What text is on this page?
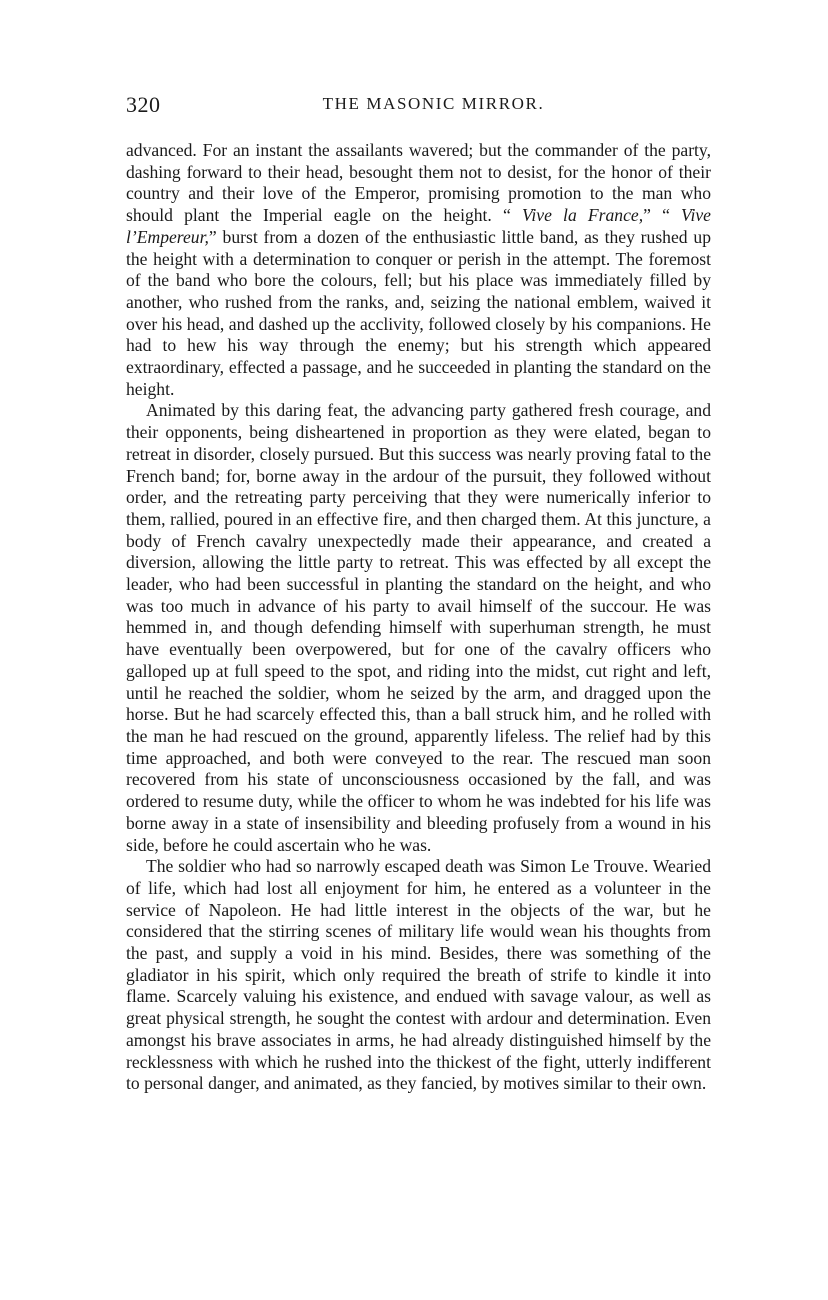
320	THE MASONIC MIRROR.

advanced. For an instant the assailants wavered; but the commander of the party, dashing forward to their head, besought them not to desist, for the honor of their country and their love of the Emperor, promising promotion to the man who should plant the Imperial eagle on the height. “ Vive la France,” “ Vive l’Empereur,” burst from a dozen of the enthusiastic little band, as they rushed up the height with a determination to conquer or perish in the attempt. The foremost of the band who bore the colours, fell; but his place was immediately filled by another, who rushed from the ranks, and, seizing the national emblem, waived it over his head, and dashed up the acclivity, followed closely by his companions. He had to hew his way through the enemy; but his strength which appeared extraordinary, effected a passage, and he succeeded in planting the standard on the height.

Animated by this daring feat, the advancing party gathered fresh courage, and their opponents, being disheartened in proportion as they were elated, began to retreat in disorder, closely pursued. But this success was nearly proving fatal to the French band; for, borne away in the ardour of the pursuit, they followed without order, and the retreating party perceiving that they were numerically inferior to them, rallied, poured in an effective fire, and then charged them. At this juncture, a body of French cavalry unexpectedly made their appearance, and created a diversion, allowing the little party to retreat. This was effected by all except the leader, who had been successful in planting the standard on the height, and who was too much in advance of his party to avail himself of the succour. He was hemmed in, and though defending himself with superhuman strength, he must have eventually been overpowered, but for one of the cavalry officers who galloped up at full speed to the spot, and riding into the midst, cut right and left, until he reached the soldier, whom he seized by the arm, and dragged upon the horse. But he had scarcely effected this, than a ball struck him, and he rolled with the man he had rescued on the ground, apparently lifeless. The relief had by this time approached, and both were conveyed to the rear. The rescued man soon recovered from his state of unconsciousness occasioned by the fall, and was ordered to resume duty, while the officer to whom he was indebted for his life was borne away in a state of insensibility and bleeding profusely from a wound in his side, before he could ascertain who he was.

The soldier who had so narrowly escaped death was Simon Le Trouve. Wearied of life, which had lost all enjoyment for him, he entered as a volunteer in the service of Napoleon. He had little interest in the objects of the war, but he considered that the stirring scenes of military life would wean his thoughts from the past, and supply a void in his mind. Besides, there was something of the gladiator in his spirit, which only required the breath of strife to kindle it into flame. Scarcely valuing his existence, and endued with savage valour, as well as great physical strength, he sought the contest with ardour and determination. Even amongst his brave associates in arms, he had already distinguished himself by the recklessness with which he rushed into the thickest of the fight, utterly indifferent to personal danger, and animated, as they fancied, by motives similar to their own.
